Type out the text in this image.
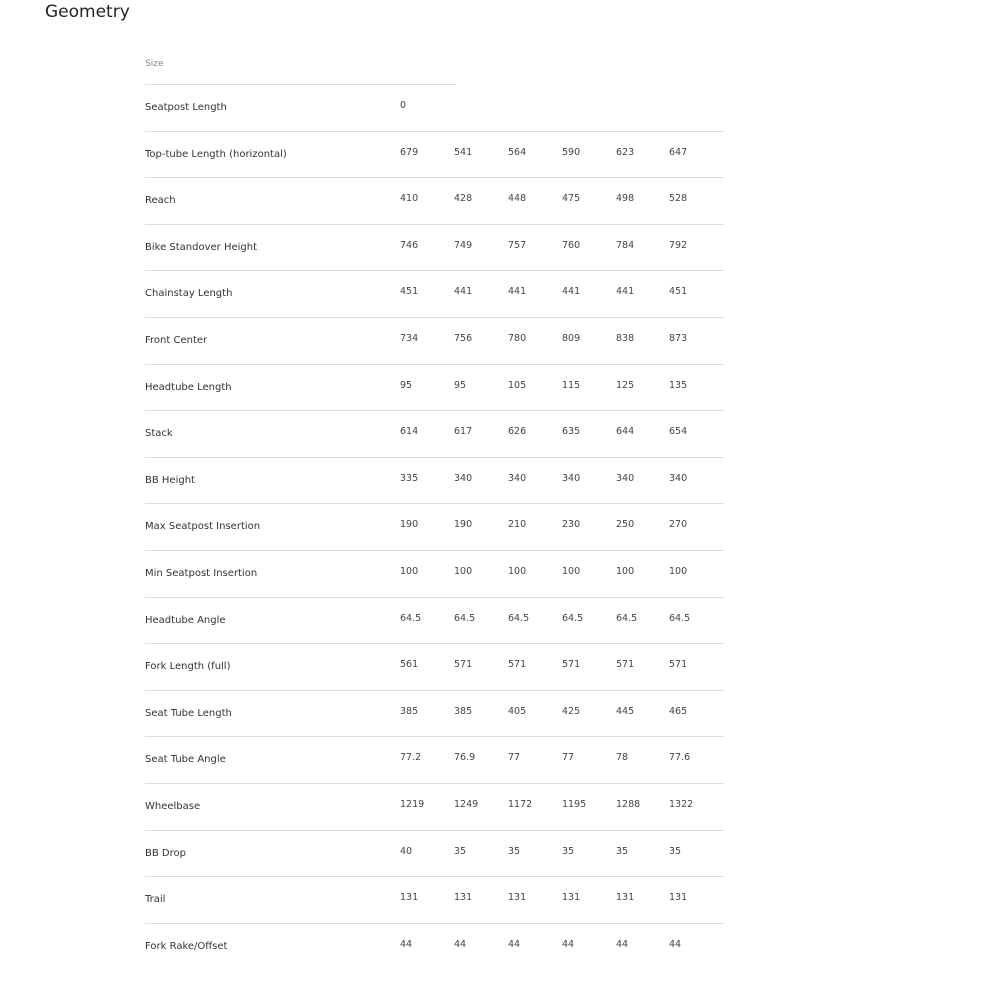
Geometry
Size
Seatpost Length	0
Top-tube Length (horizontal)	679	541	564	590	623	647
Reach	410	428	448	475	498	528
Bike Standover Height	746	749	757	760	784	792
Chainstay Length	451	441	441	441	441	451
Front Center	734	756	780	809	838	873
Headtube Length	95	95	105	115	125	135
Stack	614	617	626	635	644	654
BB Height	335	340	340	340	340	340
Max Seatpost Insertion	190	190	210	230	250	270
Min Seatpost Insertion	100	100	100	100	100	100
Headtube Angle	64.5	64.5	64.5	64.5	64.5	64.5
Fork Length (full)	561	571	571	571	571	571
Seat Tube Length	385	385	405	425	445	465
Seat Tube Angle	77.2	76.9	77	77	78	77.6
Wheelbase	1219	1249	1172	1195	1288	1322
BB Drop	40	35	35	35	35	35
Trail	131	131	131	131	131	131
Fork Rake/Offset	44	44	44	44	44	44
